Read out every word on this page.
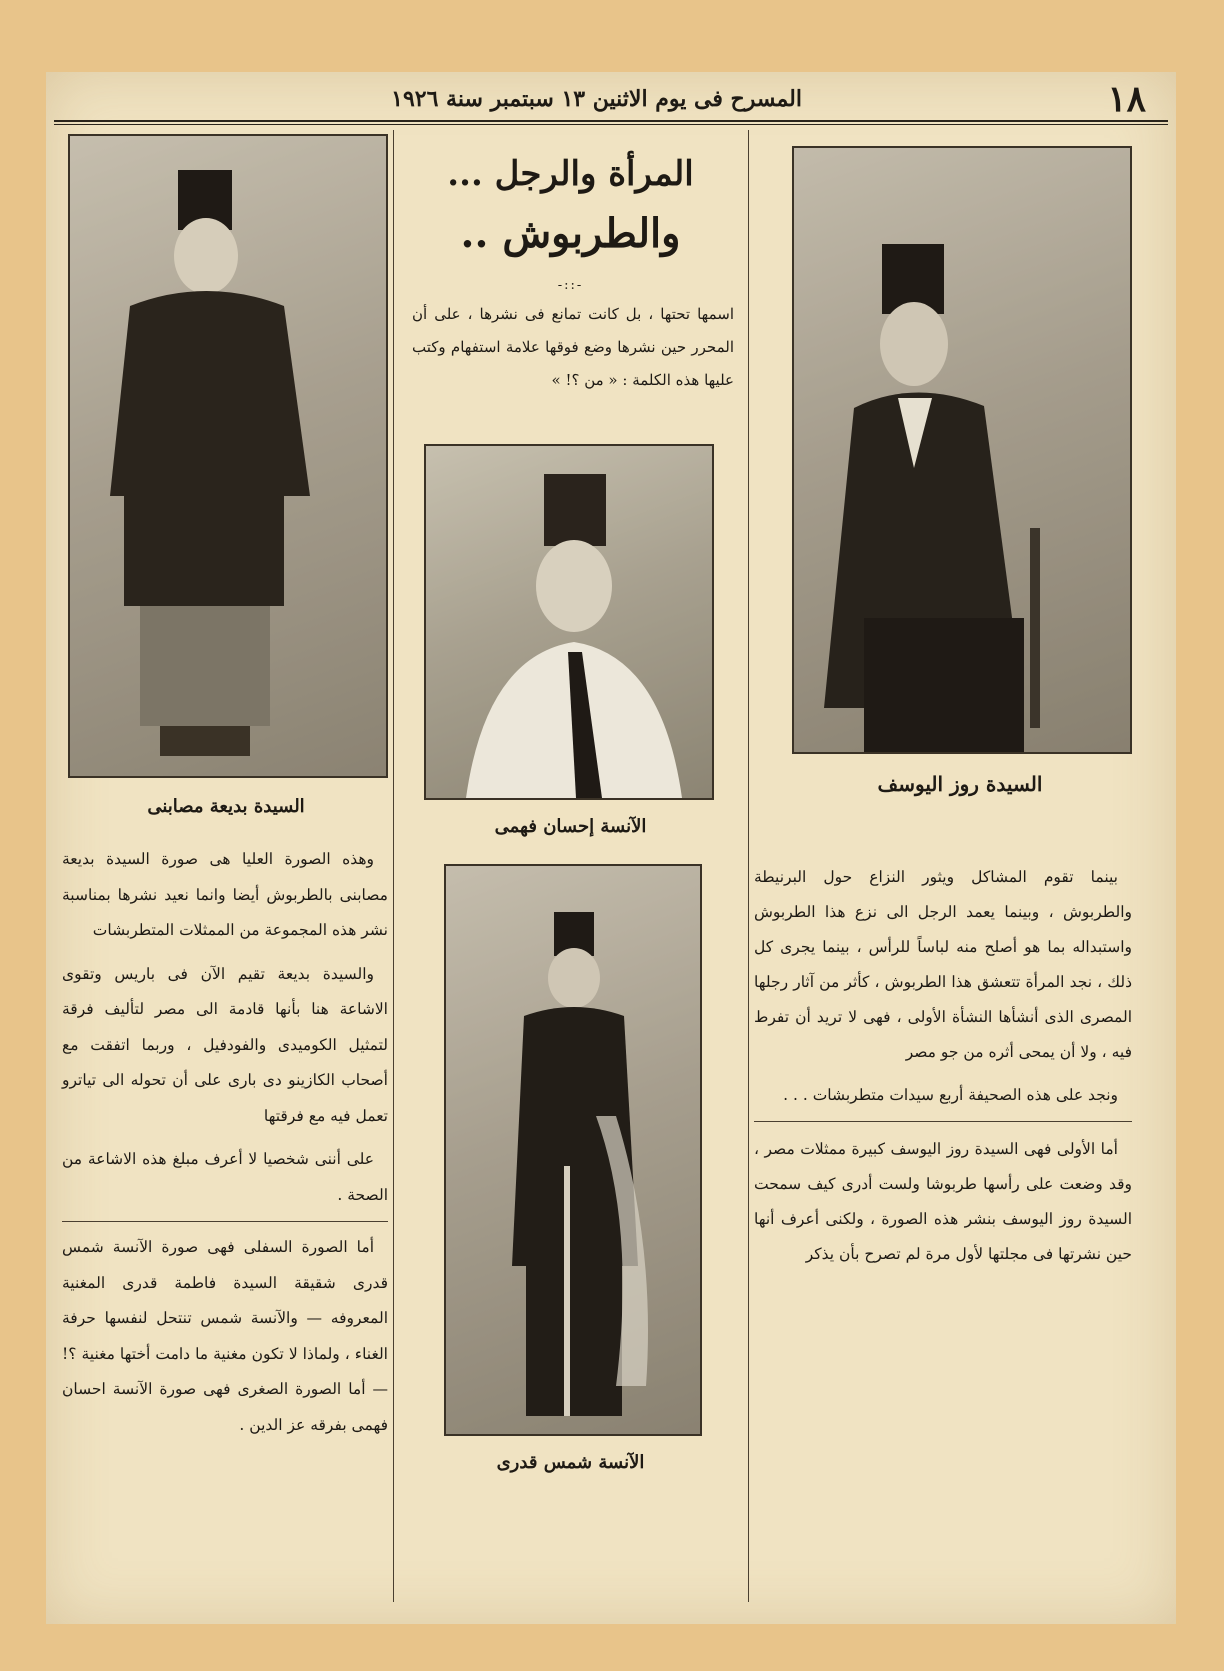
١٨
المسرح فى يوم الاثنين ١٣ سبتمبر سنة ١٩٢٦
السيدة روز اليوسف

بينما تقوم المشاكل ويثور النزاع حول البرنيطة والطربوش ، وبينما يعمد الرجل الى نزع هذا الطربوش واستبداله بما هو أصلح منه لباساً للرأس ، بينما يجرى كل ذلك ، نجد المرأة تتعشق هذا الطربوش ، كأثر من آثار رجلها المصرى الذى أنشأها النشأة الأولى ، فهى لا تريد أن تفرط فيه ، ولا أن يمحى أثره من جو مصر

ونجد على هذه الصحيفة أربع سيدات متطربشات . . .

أما الأولى فهى السيدة روز اليوسف كبيرة ممثلات مصر ، وقد وضعت على رأسها طربوشا ولست أدرى كيف سمحت السيدة روز اليوسف بنشر هذه الصورة ، ولكنى أعرف أنها حين نشرتها فى مجلتها لأول مرة لم تصرح بأن يذكر

المرأة والرجل ...
والطربوش ..
-::-
اسمها تحتها ، بل كانت تمانع فى نشرها ، على أن المحرر حين نشرها وضع فوقها علامة استفهام وكتب عليها هذه الكلمة : « من ؟! »
الآنسة إحسان فهمى
الآنسة شمس قدرى
السيدة بديعة مصابنى

وهذه الصورة العليا هى صورة السيدة بديعة مصابنى بالطربوش أيضا وانما نعيد نشرها بمناسبة نشر هذه المجموعة من الممثلات المتطربشات

والسيدة بديعة تقيم الآن فى باريس وتقوى الاشاعة هنا بأنها قادمة الى مصر لتأليف فرقة لتمثيل الكوميدى والفودفيل ، وربما اتفقت مع أصحاب الكازينو دى بارى على أن تحوله الى تياترو تعمل فيه مع فرقتها

على أننى شخصيا لا أعرف مبلغ هذه الاشاعة من الصحة .

أما الصورة السفلى فهى صورة الآنسة شمس قدرى شقيقة السيدة فاطمة قدرى المغنية المعروفه — والآنسة شمس تنتحل لنفسها حرفة الغناء ، ولماذا لا تكون مغنية ما دامت أختها مغنية ؟! — أما الصورة الصغرى فهى صورة الآنسة احسان فهمى بفرقه عز الدين .
